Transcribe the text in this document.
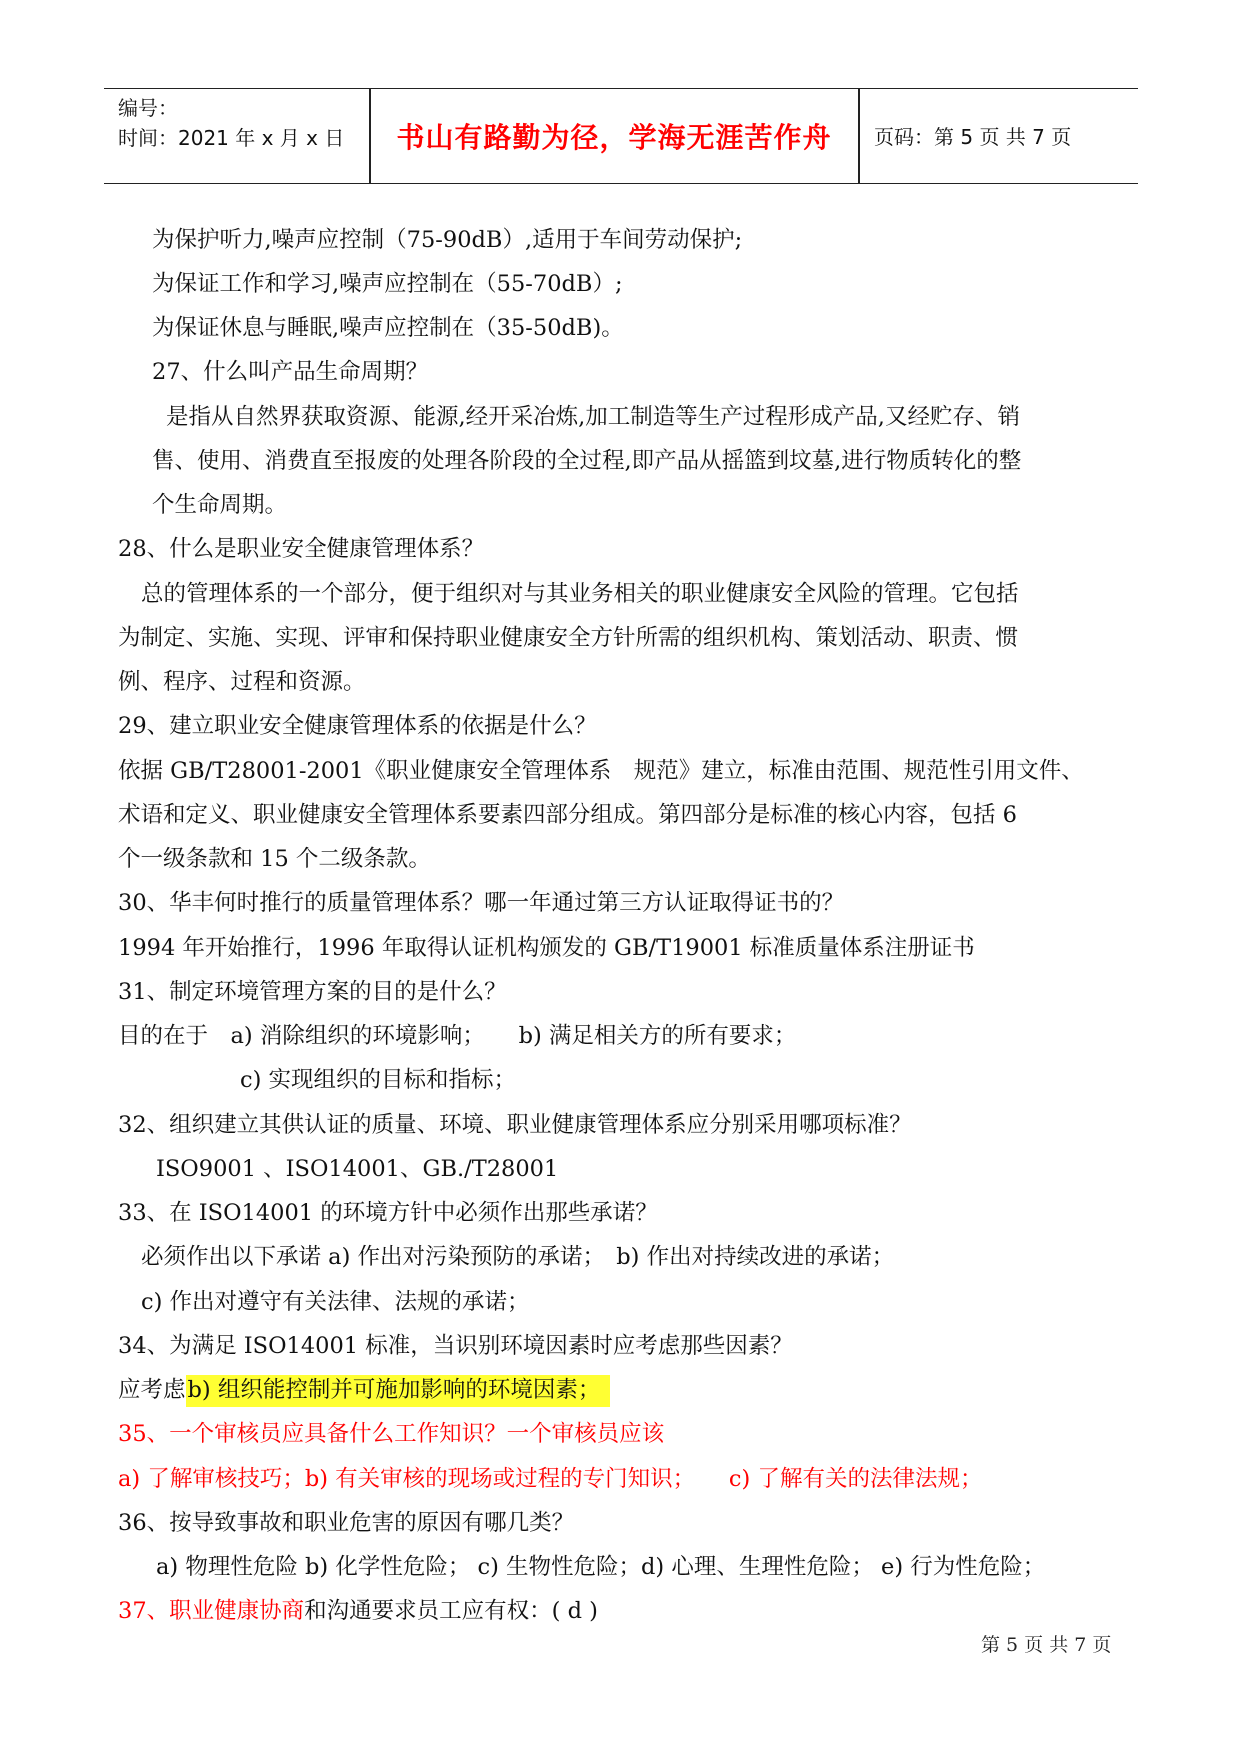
编号：
时间：2021 年 x 月 x 日	书山有路勤为径，学海无涯苦作舟	页码：第 5 页 共 7 页
为保护听力,噪声应控制（75-90dB）,适用于车间劳动保护;
为保证工作和学习,噪声应控制在（55-70dB）;
为保证休息与睡眠,噪声应控制在（35-50dB)。
27、什么叫产品生命周期？
是指从自然界获取资源、能源,经开采冶炼,加工制造等生产过程形成产品,又经贮存、销
售、使用、消费直至报废的处理各阶段的全过程,即产品从摇篮到坟墓,进行物质转化的整
个生命周期。
28、什么是职业安全健康管理体系？
总的管理体系的一个部分，便于组织对与其业务相关的职业健康安全风险的管理。它包括
为制定、实施、实现、评审和保持职业健康安全方针所需的组织机构、策划活动、职责、惯
例、程序、过程和资源。
29、建立职业安全健康管理体系的依据是什么？
依据 GB/T28001-2001《职业健康安全管理体系　规范》建立，标准由范围、规范性引用文件、
术语和定义、职业健康安全管理体系要素四部分组成。第四部分是标准的核心内容，包括 6
个一级条款和 15 个二级条款。
30、华丰何时推行的质量管理体系？哪一年通过第三方认证取得证书的？
1994 年开始推行，1996 年取得认证机构颁发的 GB/T19001 标准质量体系注册证书
31、制定环境管理方案的目的是什么？
目的在于　a) 消除组织的环境影响；　　b) 满足相关方的所有要求；
c) 实现组织的目标和指标；
32、组织建立其供认证的质量、环境、职业健康管理体系应分别采用哪项标准？
ISO9001 、ISO14001、GB./T28001
33、在 ISO14001 的环境方针中必须作出那些承诺？
必须作出以下承诺 a) 作出对污染预防的承诺；　b) 作出对持续改进的承诺；
c) 作出对遵守有关法律、法规的承诺；
34、为满足 ISO14001 标准，当识别环境因素时应考虑那些因素？
应考虑b) 组织能控制并可施加影响的环境因素；
35、一个审核员应具备什么工作知识？一个审核员应该
a) 了解审核技巧；b) 有关审核的现场或过程的专门知识；　　c) 了解有关的法律法规；
36、按导致事故和职业危害的原因有哪几类？
a) 物理性危险 b) 化学性危险； c) 生物性危险；d) 心理、生理性危险； e) 行为性危险；
37、职业健康协商和沟通要求员工应有权：( d )
第 5 页 共 7 页
